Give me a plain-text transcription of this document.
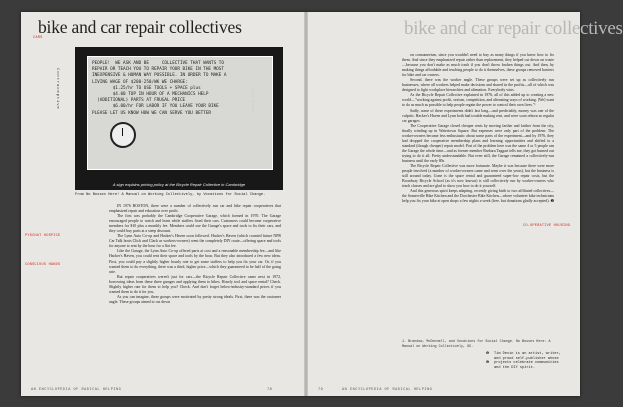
bike and car repair collectives
CARS
PYSCHAT HOSPICE
CONSCIOUS HANDS
Contraceptive
PEOPLE!  WE ASK AND BE     COLLECTIVE THAT WANTS TO
REPAIR OR TEACH YOU TO REPAIR YOUR BIKE IN THE MOST
INEXPENSIVE & HUMAN WAY POSSIBLE. IN ORDER TO MAKE A
LIVING WAGE OF $200-250/WK WE CHARGE:
$1.25/hr TO USE TOOLS + SPACE plus
$4.00 TOP IN HOUR OF A MECHANICS HELP
(ADDITIONAL) PARTS AT FRUGAL PRICE
$6.00/hr FOR LABOR IF YOU LEAVE YOUR BIKE
PLEASE LET US KNOW HOW WE CAN SERVE YOU BETTER
Carol Becker
A sign explains pricing policy at the Bicycle Repair Collective in Cambridge
From No Bosses Here! A Manual on Working Collectively, by Vocations for Social Change.

IN 1976 BOSTON, there were a number of collectively run car and bike repair cooperatives that emphasized repair and education over profit.

The first was probably the Cambridge Cooperative Garage, which formed in 1970. The Garage encouraged people to watch and learn while staffers fixed their cars. Customers could become cooperative members for $10 plus a monthly fee. Members could use the Garage's space and tools to fix their cars, and they could buy parts at a steep discount.

The Lynn Auto Co-op and Hacker's Haven soon followed. Hacker's Haven (which counted future NPR Car Talk hosts Click and Clack as workers-owners) went the completely DIY route—offering space and tools for anyone to rent by the hour for a flat fee.

Like the Garage, the Lynn Auto Co-op offered parts at cost and a reasonable membership fee—and like Hacker's Haven, you could rent their space and tools by the hour. But they also introduced a few new ideas. First, you could pay a slightly higher hourly rate to get some staffers to help you fix your car. Or, if you wanted them to do everything, there was a third, higher price—which they guaranteed to be half of the going rate.

But repair cooperatives weren't just for cars—the Bicycle Repair Collective came next in 1972, borrowing ideas from these three garages and applying them to bikes. Hourly tool and space rental? Check. Slightly higher rate for them to help you? Check. And don't forget below-industry-standard prices if you wanted them to do it for you.

As you can imagine, these groups were motivated by pretty strong ideals. First, there was the customer angle. These groups aimed to cut down

AN ENCYCLOPEDIA OF RADICAL HELPING	78
bike and car repair collectives
CO-OPERATIVE HOUSING

on consumerism, since you wouldn't need to buy as many things if you knew how to fix them. And since they emphasized repair rather than replacement, they helped cut down on waste—because you don't make as much trash if you don't throw broken things out. And then, by making things affordable and teaching people to do it themselves, these groups removed barriers for bike and car owners.

Second, there was the worker angle. These groups were set up as collectively run businesses, where all workers helped make decisions and shared in the profits—all of which was designed to fight workplace hierarchies and alienation. Everybody wins.

As the Bicycle Repair Collective explained in 1976, all of this added up to creating a new world—"working against profit, sexism, competition, and alienating ways of working. [We] want to do as much as possible to help people regain the power to control their own lives."¹

Sadly, some of these experiments didn't last long—and predictably, money was one of the culprits. Hacker's Haven and Lynn both had trouble making rent, and were soon reborn as regular car garages.

The Cooperative Garage closed cheaper rents by moving farther and farther from the city, finally winding up in Watertown Square. But expenses were only part of the problem: The worker-owners became less enthusiastic about some parts of the experiment—and by 1976, they had dropped the cooperative membership plans and learning opportunities and shifted to a standard (though cheaper) repair model. Part of the problem here was the same 4 or 5 people ran the Garage the whole time—and as former member Barbara Taggart tells me, they got burned out trying to do it all. Pretty understandable. But even still, the Garage remained a collectively-run business until the early 80s.

The Bicycle Repair Collective was more fortunate. Maybe it was because there were more people involved (a number of worker-owners came and went over the years), but the business is still around today. Gone is the space rental and guaranteed super-low repair costs, but the Broadway Bicycle School (as it's now known) is still collectively run by worker-owners who teach classes and are glad to show you how to do it yourself.

And this generous spirit keeps adapting, recently giving birth to two affiliated collectives—the Somerville Bike Kitchen and the Dorchester Bike Kitchen—where volunteer bike technicians help you fix your bike at open shops a few nights a week (free, but donations gladly accepted). ❷

1. Brandow, McDonnell, and Vocations for Social Change. No Bosses Here: A Manual on Working Collectively, 95.
❷ Tim Devin is an artist, writer,
and proud self-publisher whose
❷ projects celebrate communities
and the DIY spirit.
79	AN ENCYCLOPEDIA OF RADICAL HELPING
